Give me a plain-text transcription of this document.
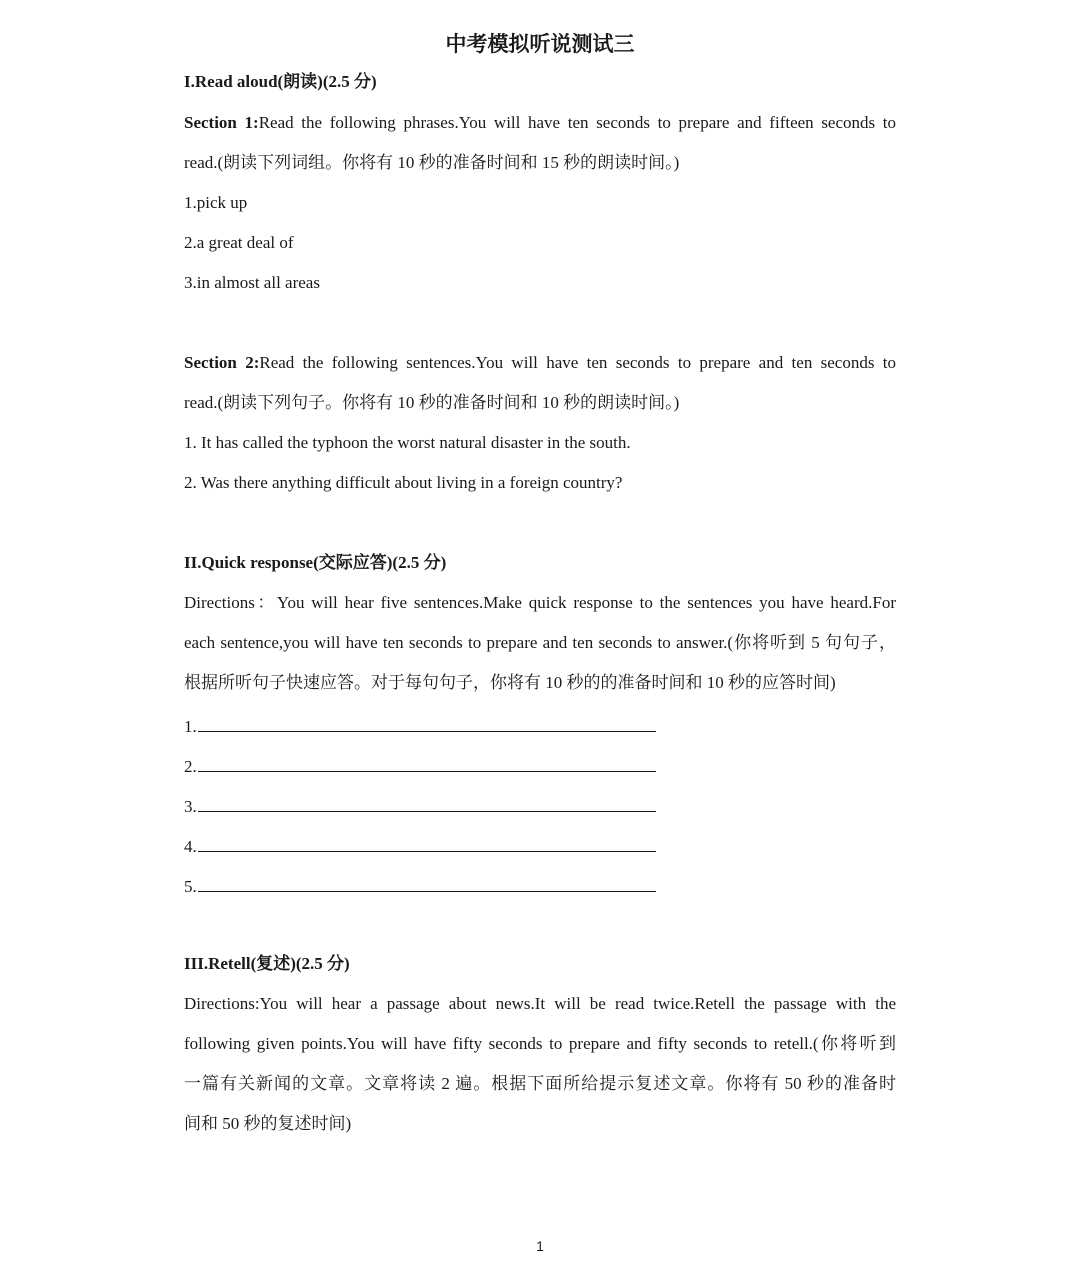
中考模拟听说测试三
I.Read aloud(朗读)(2.5 分)
Section 1:Read the following phrases.You will have ten seconds to prepare and fifteen seconds to
read.(朗读下列词组。你将有 10 秒的准备时间和 15 秒的朗读时间。)
1.pick up
2.a great deal of
3.in almost all areas
Section 2:Read the following sentences.You will have ten seconds to prepare and ten seconds to
read.(朗读下列句子。你将有 10 秒的准备时间和 10 秒的朗读时间。)
1. It has called the typhoon the worst natural disaster in the south.
2. Was there anything difficult about living in a foreign country?
II.Quick response(交际应答)(2.5 分)
Directions：You will hear five sentences.Make quick response to the sentences you have heard.For
each sentence,you will have ten seconds to prepare and ten seconds to answer.(你将听到 5 句句子，
根据所听句子快速应答。对于每句句子，你将有 10 秒的的准备时间和 10 秒的应答时间)
1.
2.
3.
4.
5.
III.Retell(复述)(2.5 分)
Directions:You will hear a passage about news.It will be read twice.Retell the passage with the
following given points.You will have fifty seconds to prepare and fifty seconds to retell.(你将听到
一篇有关新闻的文章。文章将读 2 遍。根据下面所给提示复述文章。你将有 50 秒的准备时
间和 50 秒的复述时间)
1
